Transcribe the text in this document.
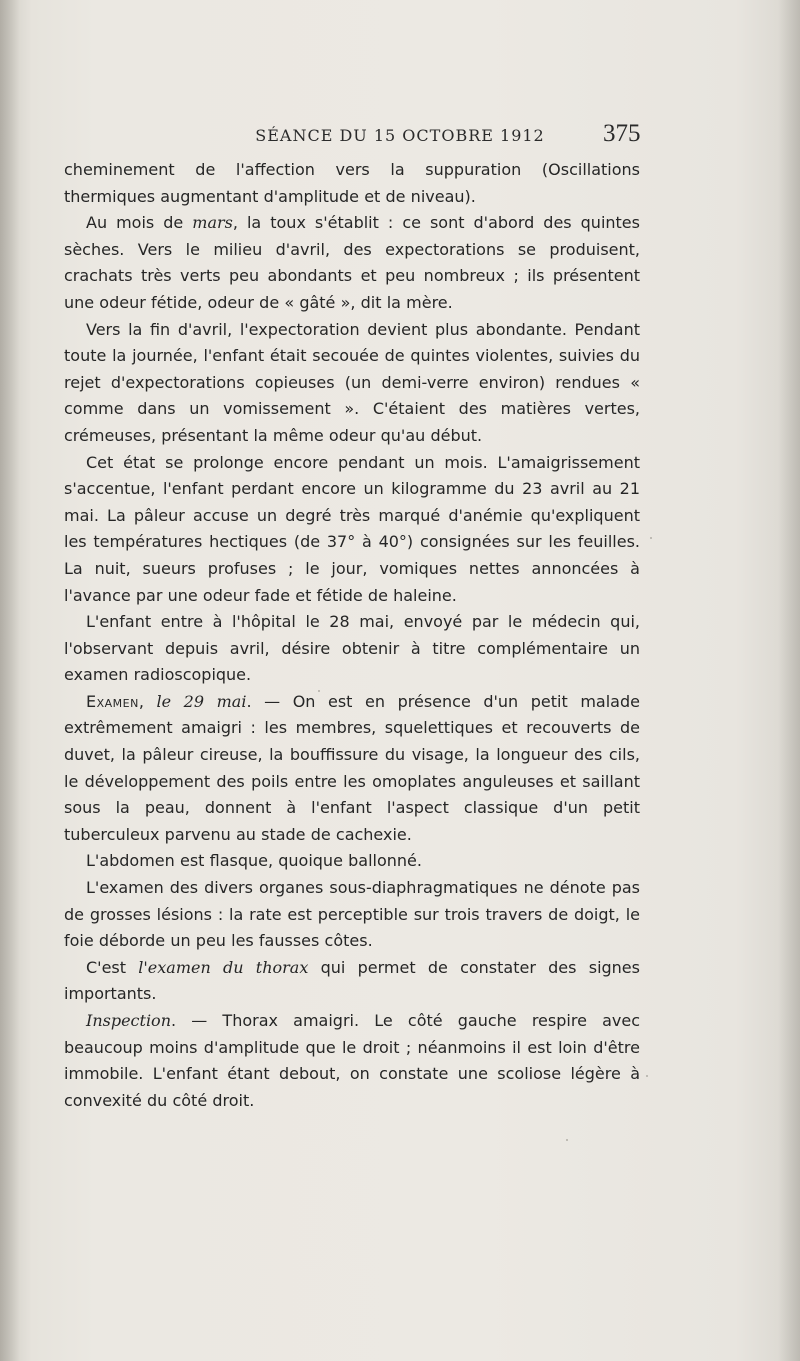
SÉANCE DU 15 OCTOBRE 1912	375

cheminement de l'affection vers la suppuration (Oscillations thermiques augmentant d'amplitude et de niveau).

Au mois de mars, la toux s'établit : ce sont d'abord des quintes sèches. Vers le milieu d'avril, des expectorations se produisent, crachats très verts peu abondants et peu nombreux ; ils présentent une odeur fétide, odeur de « gâté », dit la mère.

Vers la fin d'avril, l'expectoration devient plus abondante. Pendant toute la journée, l'enfant était secouée de quintes violentes, suivies du rejet d'expectorations copieuses (un demi-verre environ) rendues « comme dans un vomissement ». C'étaient des matières vertes, crémeuses, présentant la même odeur qu'au début.

Cet état se prolonge encore pendant un mois. L'amaigrissement s'accentue, l'enfant perdant encore un kilogramme du 23 avril au 21 mai. La pâleur accuse un degré très marqué d'anémie qu'expliquent les températures hectiques (de 37° à 40°) consignées sur les feuilles. La nuit, sueurs profuses ; le jour, vomiques nettes annoncées à l'avance par une odeur fade et fétide de haleine.

L'enfant entre à l'hôpital le 28 mai, envoyé par le médecin qui, l'observant depuis avril, désire obtenir à titre complémentaire un examen radioscopique.

Examen, le 29 mai. — On est en présence d'un petit malade extrêmement amaigri : les membres, squelettiques et recouverts de duvet, la pâleur cireuse, la bouffissure du visage, la longueur des cils, le développement des poils entre les omoplates anguleuses et saillant sous la peau, donnent à l'enfant l'aspect classique d'un petit tuberculeux parvenu au stade de cachexie.

L'abdomen est flasque, quoique ballonné.

L'examen des divers organes sous-diaphragmatiques ne dénote pas de grosses lésions : la rate est perceptible sur trois travers de doigt, le foie déborde un peu les fausses côtes.

C'est l'examen du thorax qui permet de constater des signes importants.

Inspection. — Thorax amaigri. Le côté gauche respire avec beaucoup moins d'amplitude que le droit ; néanmoins il est loin d'être immobile. L'enfant étant debout, on constate une scoliose légère à convexité du côté droit.
